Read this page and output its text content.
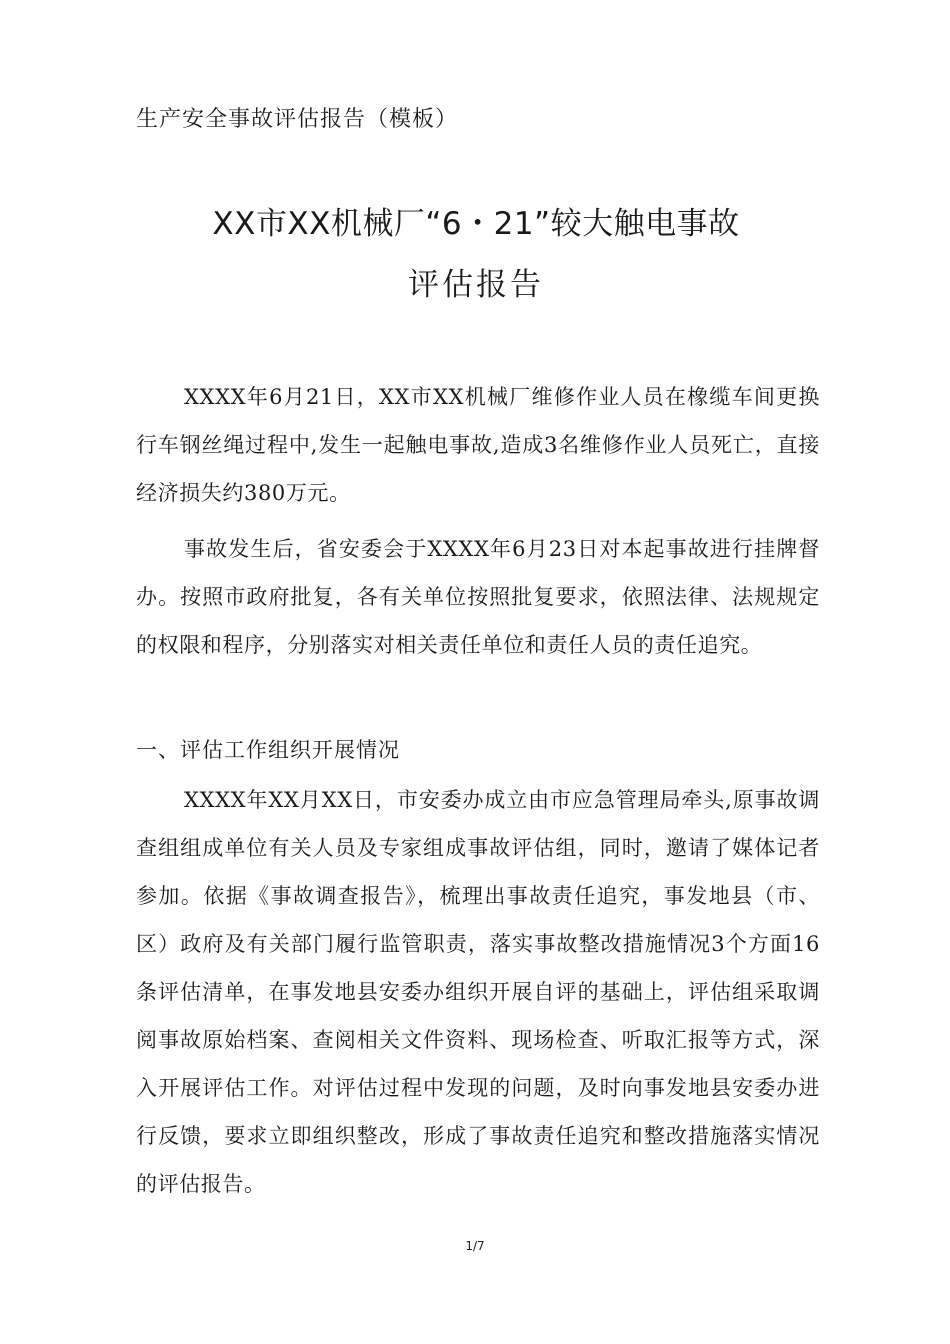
生产安全事故评估报告（模板）
XX市XX机械厂“6・21”较大触电事故
评估报告

XXXX年6月21日，XX市XX机械厂维修作业人员在橡缆车间更换行车钢丝绳过程中,发生一起触电事故,造成3名维修作业人员死亡，直接经济损失约380万元。

事故发生后，省安委会于XXXX年6月23日对本起事故进行挂牌督办。按照市政府批复，各有关单位按照批复要求，依照法律、法规规定的权限和程序，分别落实对相关责任单位和责任人员的责任追究。

一、评估工作组织开展情况

XXXX年XX月XX日，市安委办成立由市应急管理局牵头,原事故调查组组成单位有关人员及专家组成事故评估组，同时，邀请了媒体记者参加。依据《事故调查报告》，梳理出事故责任追究，事发地县（市、区）政府及有关部门履行监管职责，落实事故整改措施情况3个方面16条评估清单，在事发地县安委办组织开展自评的基础上，评估组采取调阅事故原始档案、查阅相关文件资料、现场检查、听取汇报等方式，深入开展评估工作。对评估过程中发现的问题，及时向事发地县安委办进行反馈，要求立即组织整改，形成了事故责任追究和整改措施落实情况的评估报告。

1/7
